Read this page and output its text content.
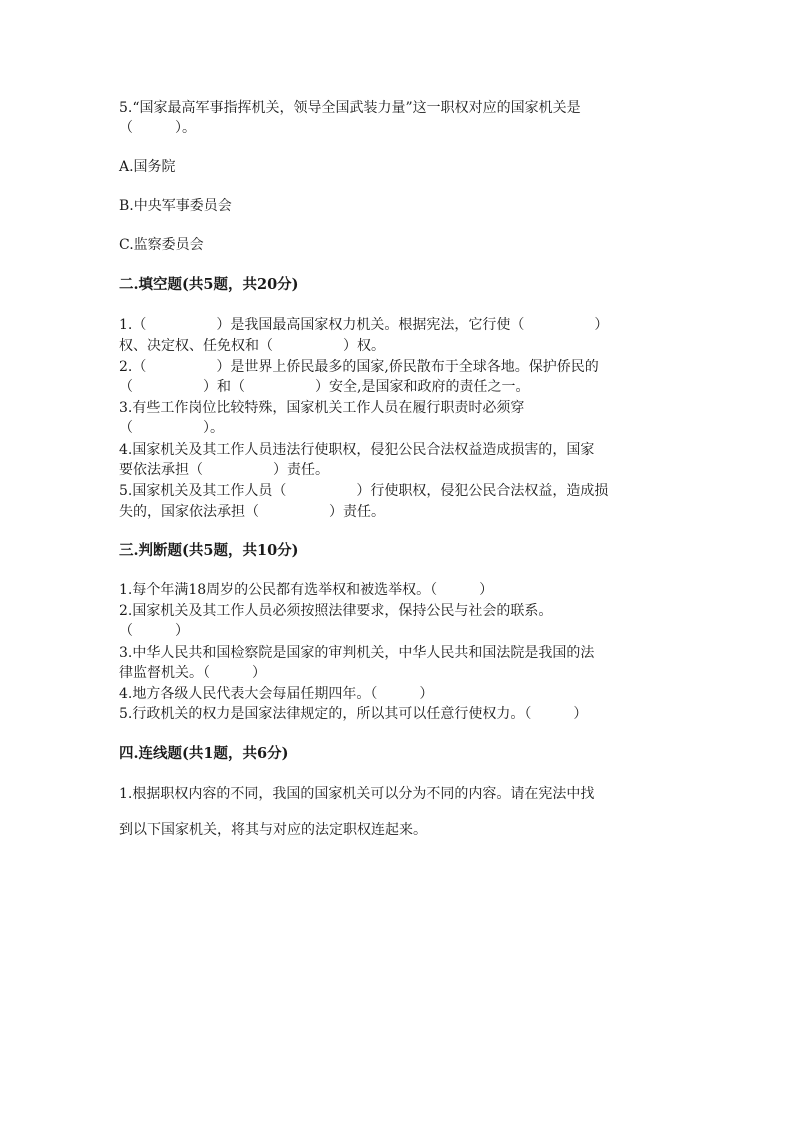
5.“国家最高军事指挥机关，领导全国武装力量”这一职权对应的国家机关是
（　　　）。
A.国务院
B.中央军事委员会
C.监察委员会
二.填空题(共5题，共20分)
1.（　　　　　）是我国最高国家权力机关。根据宪法，它行使（　　　　　）
权、决定权、任免权和（　　　　　）权。
2.（　　　　　）是世界上侨民最多的国家,侨民散布于全球各地。保护侨民的
（　　　　　）和（　　　　　）安全,是国家和政府的责任之一。
3.有些工作岗位比较特殊，国家机关工作人员在履行职责时必须穿
（　　　　　）。
4.国家机关及其工作人员违法行使职权，侵犯公民合法权益造成损害的，国家
要依法承担（　　　　　）责任。
5.国家机关及其工作人员（　　　　　）行使职权，侵犯公民合法权益，造成损
失的，国家依法承担（　　　　　）责任。
三.判断题(共5题，共10分)
1.每个年满18周岁的公民都有选举权和被选举权。（　　　）
2.国家机关及其工作人员必须按照法律要求，保持公民与社会的联系。
（　　　）
3.中华人民共和国检察院是国家的审判机关，中华人民共和国法院是我国的法
律监督机关。（　　　）
4.地方各级人民代表大会每届任期四年。（　　　）
5.行政机关的权力是国家法律规定的，所以其可以任意行使权力。（　　　）
四.连线题(共1题，共6分)
1.根据职权内容的不同，我国的国家机关可以分为不同的内容。请在宪法中找
到以下国家机关，将其与对应的法定职权连起来。
